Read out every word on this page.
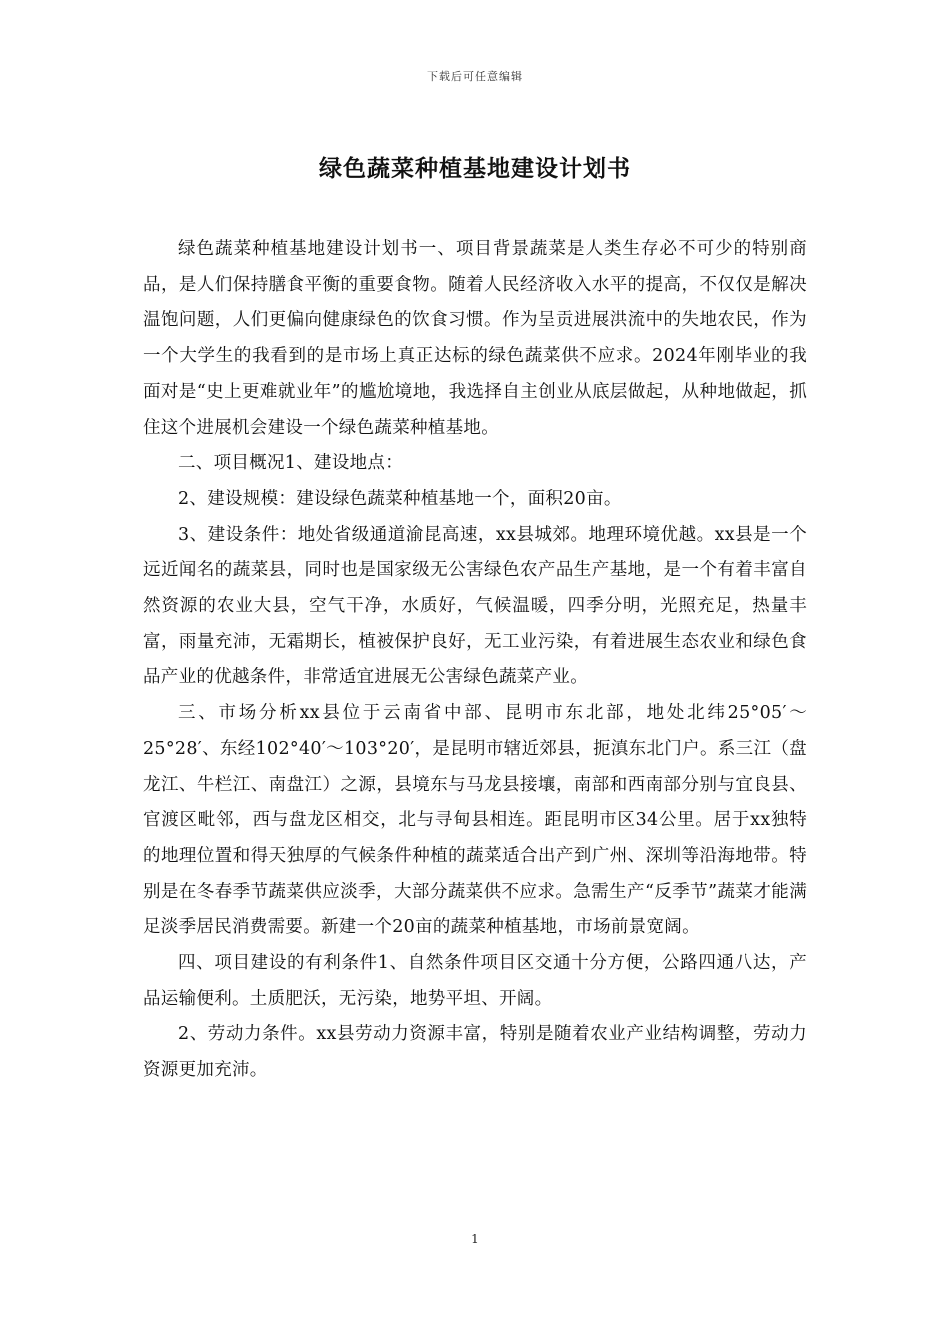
下载后可任意编辑
绿色蔬菜种植基地建设计划书

绿色蔬菜种植基地建设计划书一、项目背景蔬菜是人类生存必不可少的特别商品，是人们保持膳食平衡的重要食物。随着人民经济收入水平的提高，不仅仅是解决温饱问题，人们更偏向健康绿色的饮食习惯。作为呈贡进展洪流中的失地农民，作为一个大学生的我看到的是市场上真正达标的绿色蔬菜供不应求。2024年刚毕业的我面对是“史上更难就业年”的尴尬境地，我选择自主创业从底层做起，从种地做起，抓住这个进展机会建设一个绿色蔬菜种植基地。

二、项目概况1、建设地点：

2、建设规模：建设绿色蔬菜种植基地一个，面积20亩。

3、建设条件：地处省级通道渝昆高速，xx县城郊。地理环境优越。xx县是一个远近闻名的蔬菜县，同时也是国家级无公害绿色农产品生产基地，是一个有着丰富自然资源的农业大县，空气干净，水质好，气候温暖，四季分明，光照充足，热量丰富，雨量充沛，无霜期长，植被保护良好，无工业污染，有着进展生态农业和绿色食品产业的优越条件，非常适宜进展无公害绿色蔬菜产业。

三、市场分析xx县位于云南省中部、昆明市东北部，地处北纬25°05′～25°28′、东经102°40′～103°20′，是昆明市辖近郊县，扼滇东北门户。系三江（盘龙江、牛栏江、南盘江）之源，县境东与马龙县接壤，南部和西南部分别与宜良县、官渡区毗邻，西与盘龙区相交，北与寻甸县相连。距昆明市区34公里。居于xx独特的地理位置和得天独厚的气候条件种植的蔬菜适合出产到广州、深圳等沿海地带。特别是在冬春季节蔬菜供应淡季，大部分蔬菜供不应求。急需生产“反季节”蔬菜才能满足淡季居民消费需要。新建一个20亩的蔬菜种植基地，市场前景宽阔。

四、项目建设的有利条件1、自然条件项目区交通十分方便，公路四通八达，产品运输便利。土质肥沃，无污染，地势平坦、开阔。

2、劳动力条件。xx县劳动力资源丰富，特别是随着农业产业结构调整，劳动力资源更加充沛。

1
